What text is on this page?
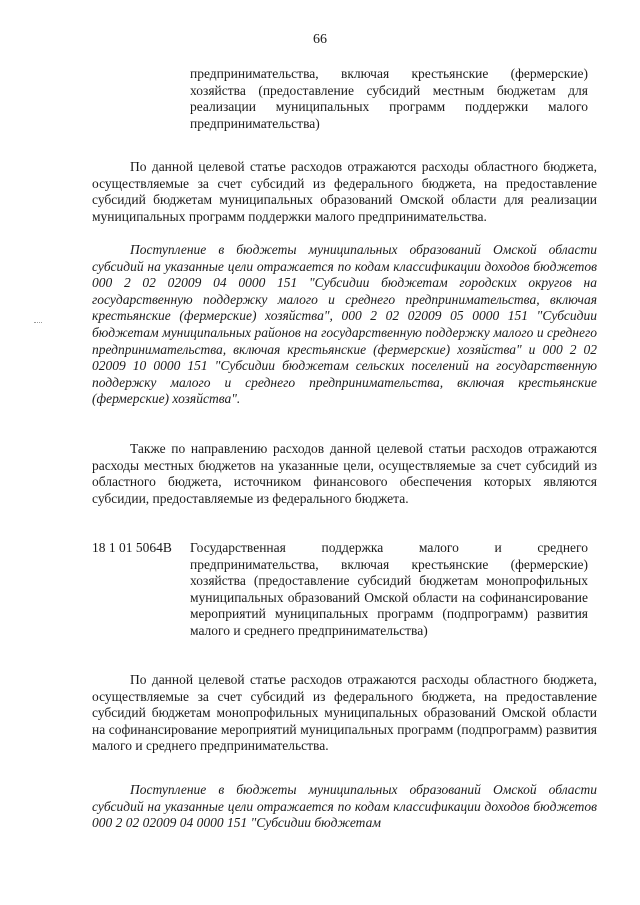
66

предпринимательства, включая крестьянские (фермерские) хозяйства (предоставление субсидий местным бюджетам для реализации муниципальных программ поддержки малого предпринимательства)

По данной целевой статье расходов отражаются расходы областного бюджета, осуществляемые за счет субсидий из федерального бюджета, на предоставление субсидий бюджетам муниципальных образований Омской области для реализации муниципальных программ поддержки малого предпринимательства.

Поступление в бюджеты муниципальных образований Омской области субсидий на указанные цели отражается по кодам классификации доходов бюджетов 000 2 02 02009 04 0000 151 "Субсидии бюджетам городских округов на государственную поддержку малого и среднего предпринимательства, включая крестьянские (фермерские) хозяйства", 000 2 02 02009 05 0000 151 "Субсидии бюджетам муниципальных районов на государственную поддержку малого и среднего предпринимательства, включая крестьянские (фермерские) хозяйства" и 000 2 02 02009 10 0000 151 "Субсидии бюджетам сельских поселений на государственную поддержку малого и среднего предпринимательства, включая крестьянские (фермерские) хозяйства".

Также по направлению расходов данной целевой статьи расходов отражаются расходы местных бюджетов на указанные цели, осуществляемые за счет субсидий из областного бюджета, источником финансового обеспечения которых являются субсидии, предоставляемые из федерального бюджета.

18 1 01 5064В	Государственная поддержка малого и среднего предпринимательства, включая крестьянские (фермерские) хозяйства (предоставление субсидий бюджетам монопрофильных муниципальных образований Омской области на софинансирование мероприятий муниципальных программ (подпрограмм) развития малого и среднего предпринимательства)

По данной целевой статье расходов отражаются расходы областного бюджета, осуществляемые за счет субсидий из федерального бюджета, на предоставление субсидий бюджетам монопрофильных муниципальных образований Омской области на софинансирование мероприятий муниципальных программ (подпрограмм) развития малого и среднего предпринимательства.

Поступление в бюджеты муниципальных образований Омской области субсидий на указанные цели отражается по кодам классификации доходов бюджетов 000 2 02 02009 04 0000 151 "Субсидии бюджетам
